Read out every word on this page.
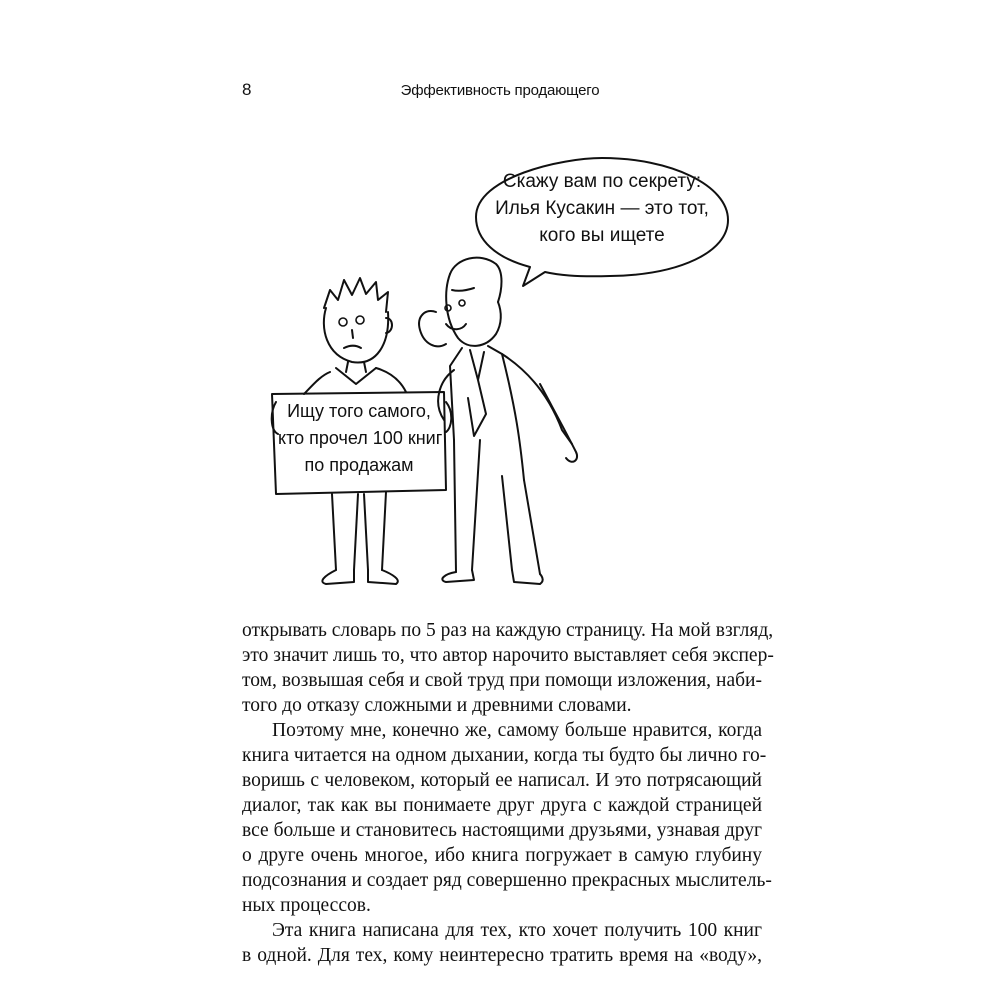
8	Эффективность продающего
Скажу вам по секрету:
Илья Кусакин — это тот,
кого вы ищете
Ищу того самого,
кто прочел 100 книг
по продажам
открывать словарь по 5 раз на каждую страницу. На мой взгляд,
это значит лишь то, что автор нарочито выставляет себя экспер-
том, возвышая себя и свой труд при помощи изложения, наби-
того до отказу сложными и древними словами.
Поэтому мне, конечно же, самому больше нравится, когда
книга читается на одном дыхании, когда ты будто бы лично го-
воришь с человеком, который ее написал. И это потрясающий
диалог, так как вы понимаете друг друга с каждой страницей
все больше и становитесь настоящими друзьями, узнавая друг
о друге очень многое, ибо книга погружает в самую глубину
подсознания и создает ряд совершенно прекрасных мыслитель-
ных процессов.
Эта книга написана для тех, кто хочет получить 100 книг
в одной. Для тех, кому неинтересно тратить время на «воду»,
